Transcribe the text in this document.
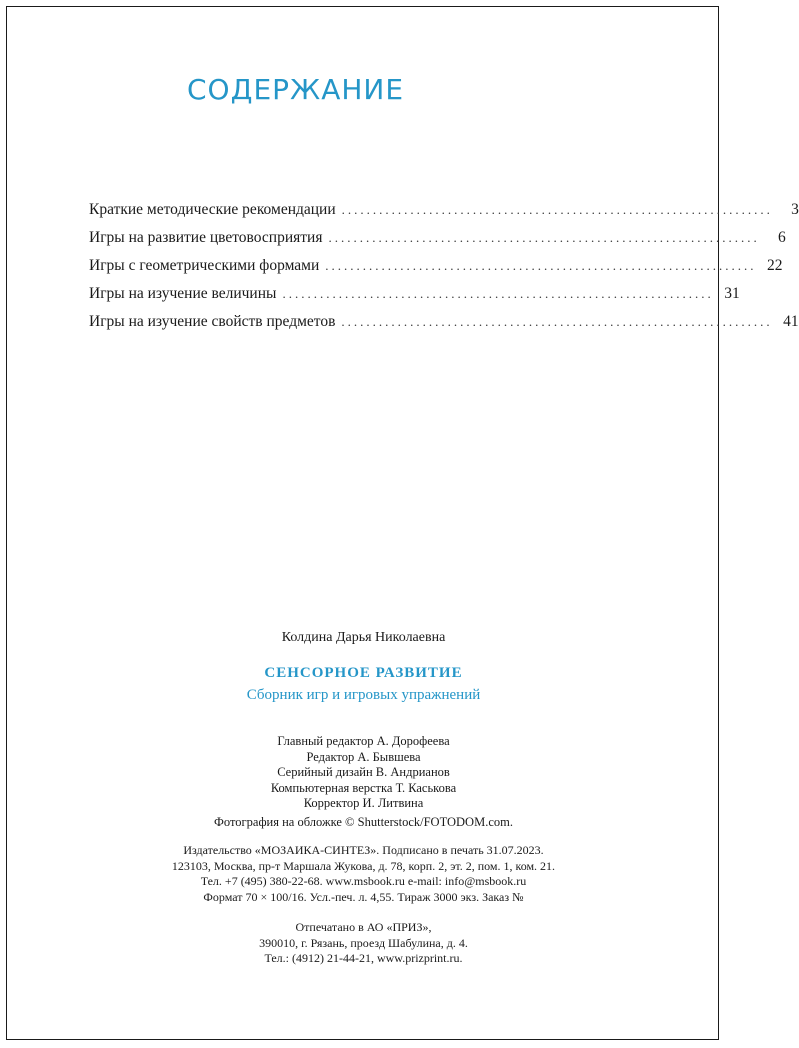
СОДЕРЖАНИЕ
Краткие методические рекомендации .....................................................................	3
Игры на развитие цветовосприятия .....................................................................	6
Игры с геометрическими формами ..................................................................... 22
Игры на изучение величины ..................................................................... 31
Игры на изучение свойств предметов ..................................................................... 41
Колдина Дарья Николаевна
СЕНСОРНОЕ РАЗВИТИЕ
Сборник игр и игровых упражнений
Главный редактор А. Дорофеева
Редактор А. Бывшева
Серийный дизайн В. Андрианов
Компьютерная верстка Т. Каськова
Корректор И. Литвина
Фотография на обложке © Shutterstock/FOTODOM.com.
Издательство «МОЗАИКА-СИНТЕЗ». Подписано в печать 31.07.2023.
123103, Москва, пр-т Маршала Жукова, д. 78, корп. 2, эт. 2, пом. 1, ком. 21.
Тел. +7 (495) 380-22-68. www.msbook.ru e-mail: info@msbook.ru
Формат 70 × 100/16. Усл.-печ. л. 4,55. Тираж 3000 экз. Заказ №
Отпечатано в АО «ПРИЗ»,
390010, г. Рязань, проезд Шабулина, д. 4.
Тел.: (4912) 21-44-21, www.prizprint.ru.
